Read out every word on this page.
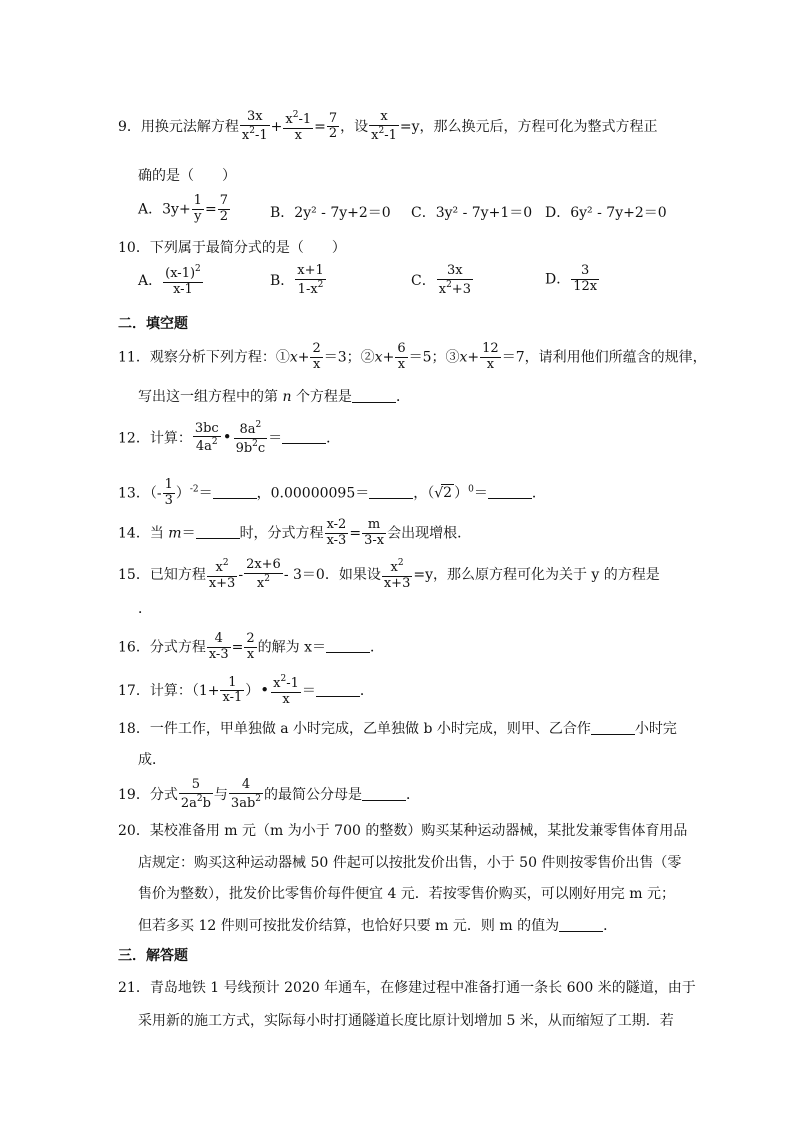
9．用换元法解方程 $\frac{3x}{x^2-1} + \frac{x^2-1}{x} = \frac{7}{2}$ ，设 $\frac{x}{x^2-1} =y$，那么换元后，方程可化为整式方程正
确的是（　　）
A．$3y+ \frac{1}{y} = \frac{7}{2}$	B．2y² - 7y+2＝0 C．3y² - 7y+1＝0 D．6y² - 7y+2＝0
10．下列属于最简分式的是（　　）
A． $\frac{(x-1)^2}{x-1}$	B． $\frac{x+1}{1-x^2}$	C． $\frac{3x}{x^2+3}$	D． $\frac{3}{12x}$
二．填空题
11．观察分析下列方程：①x+ $\frac{2}{x} =3$；②x+ $\frac{6}{x} =5$；③x+ $\frac{12}{x} =7$，请利用他们所蕴含的规律，
写出这一组方程中的第 n 个方程是	．
12．计算： $\frac{3bc}{4a^2}$ • $\frac{8a^2}{9b^2c}$ ＝	．
13．（- $\frac{1}{3} )^{-2}=$	，0.00000095＝	，（√2 ）$^0$＝	．
14．当 m＝	时，分式方程 $\frac{x-2}{x-3} = \frac{m}{3-x}$ 会出现增根．
15．已知方程 $\frac{x^2}{x+3} - \frac{2x+6}{x^2} - 3=0$．如果设 $\frac{x^2}{x+3} =y$，那么原方程可化为关于 y 的方程是
．
16．分式方程 $\frac{4}{x-3} = \frac{2}{x}$ 的解为 x＝	．
17．计算：（$1+ \frac{1}{x-1}$ ）• $\frac{x^2-1}{x}$ ＝	．
18．一件工作，甲单独做 a 小时完成，乙单独做 b 小时完成，则甲、乙合作	小时完
成．
19．分式 $\frac{5}{2a^2b}$ 与 $\frac{4}{3ab^2}$ 的最简公分母是	．
20．某校准备用 m 元（m 为小于 700 的整数）购买某种运动器械，某批发兼零售体育用品
店规定：购买这种运动器械 50 件起可以按批发价出售，小于 50 件则按零售价出售（零
售价为整数），批发价比零售价每件便宜 4 元．若按零售价购买，可以刚好用完 m 元；
但若多买 12 件则可按批发价结算，也恰好只要 m 元．则 m 的值为	．
三．解答题
21．青岛地铁 1 号线预计 2020 年通车，在修建过程中准备打通一条长 600 米的隧道，由于
采用新的施工方式，实际每小时打通隧道长度比原计划增加 5 米，从而缩短了工期．若
